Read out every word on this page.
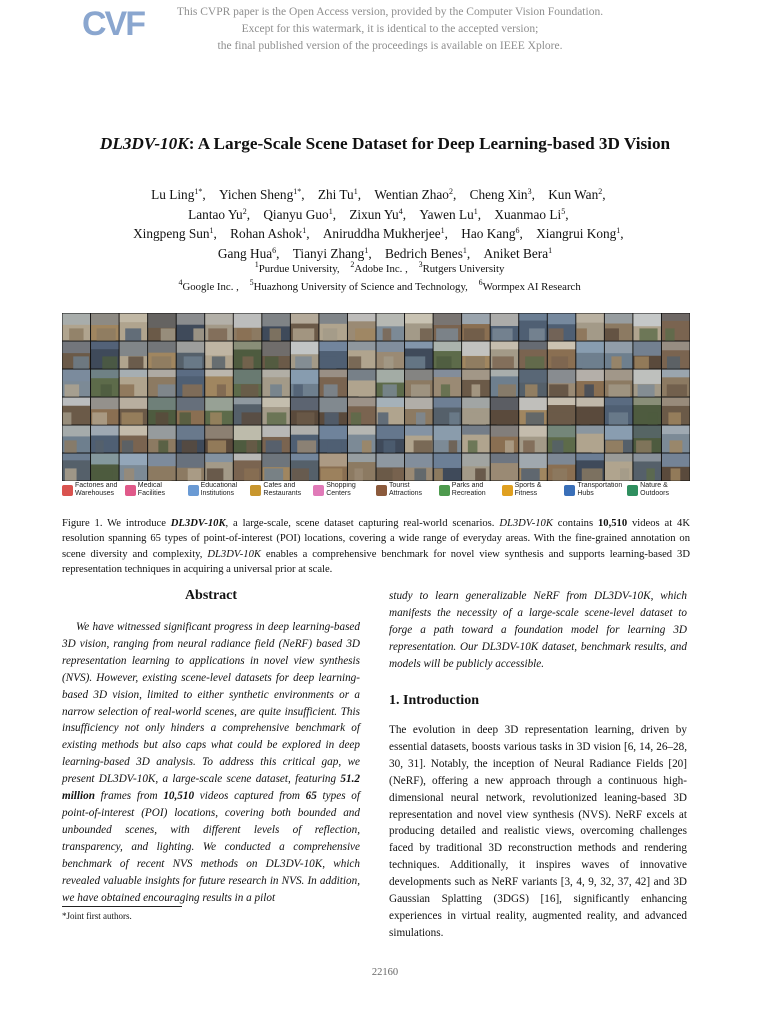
CVF	This CVPR paper is the Open Access version, provided by the Computer Vision Foundation.
Except for this watermark, it is identical to the accepted version;
the final published version of the proceedings is available on IEEE Xplore.
DL3DV-10K: A Large-Scale Scene Dataset for Deep Learning-based 3D Vision
Lu Ling$^{1*}$, Yichen Sheng$^{1*}$, Zhi Tu$^1$, Wentian Zhao$^2$, Cheng Xin$^3$, Kun Wan$^2$, 
Lantao Yu$^2$, Qianyu Guo$^1$, Zixun Yu$^4$, Yawen Lu$^1$, Xuanmao Li$^5$, 
Xingpeng Sun$^1$, Rohan Ashok$^1$, Aniruddha Mukherjee$^1$, Hao Kang$^6$, Xiangrui Kong$^1$, 
Gang Hua$^6$, Tianyi Zhang$^1$, Bedrich Benes$^1$, Aniket Bera$^1$
$^1$Purdue University,  $^2$Adobe Inc. ,  $^3$Rutgers University 
$^4$Google Inc. ,  $^5$Huazhong University of Science and Technology,  $^6$Wormpex AI Research 
Factories and Warehouses
Medical Facilities
Educational Institutions
Cafes and Restaurants
Shopping Centers
Tourist Attractions
Parks and Recreation
Sports & Fitness
Transportation Hubs
Nature & Outdoors
Figure 1. We introduce DL3DV-10K, a large-scale, scene dataset capturing real-world scenarios. DL3DV-10K contains 10,510 videos at 4K resolution spanning 65 types of point-of-interest (POI) locations, covering a wide range of everyday areas. With the fine-grained annotation on scene diversity and complexity, DL3DV-10K enables a comprehensive benchmark for novel view synthesis and supports learning-based 3D representation techniques in acquiring a universal prior at scale.
Abstract
We have witnessed significant progress in deep learning-based 3D vision, ranging from neural radiance field (NeRF) based 3D representation learning to applications in novel view synthesis (NVS). However, existing scene-level datasets for deep learning-based 3D vision, limited to either synthetic environments or a narrow selection of real-world scenes, are quite insufficient. This insufficiency not only hinders a comprehensive benchmark of existing methods but also caps what could be explored in deep learning-based 3D analysis. To address this critical gap, we present DL3DV-10K, a large-scale scene dataset, featuring 51.2 million frames from 10,510 videos captured from 65 types of point-of-interest (POI) locations, covering both bounded and unbounded scenes, with different levels of reflection, transparency, and lighting. We conducted a comprehensive benchmark of recent NVS methods on DL3DV-10K, which revealed valuable insights for future research in NVS. In addition, we have obtained encouraging results in a pilot
*Joint first authors.
study to learn generalizable NeRF from DL3DV-10K, which manifests the necessity of a large-scale scene-level dataset to forge a path toward a foundation model for learning 3D representation. Our DL3DV-10K dataset, benchmark results, and models will be publicly accessible.
1. Introduction
The evolution in deep 3D representation learning, driven by essential datasets, boosts various tasks in 3D vision [6, 14, 26–28, 30, 31]. Notably, the inception of Neural Radiance Fields [20] (NeRF), offering a new approach through a continuous high-dimensional neural network, revolutionized leaning-based 3D representation and novel view synthesis (NVS). NeRF excels at producing detailed and realistic views, overcoming challenges faced by traditional 3D reconstruction methods and rendering techniques. Additionally, it inspires waves of innovative developments such as NeRF variants [3, 4, 9, 32, 37, 42] and 3D Gaussian Splatting (3DGS) [16], significantly enhancing experiences in virtual reality, augmented reality, and advanced simulations.
22160
